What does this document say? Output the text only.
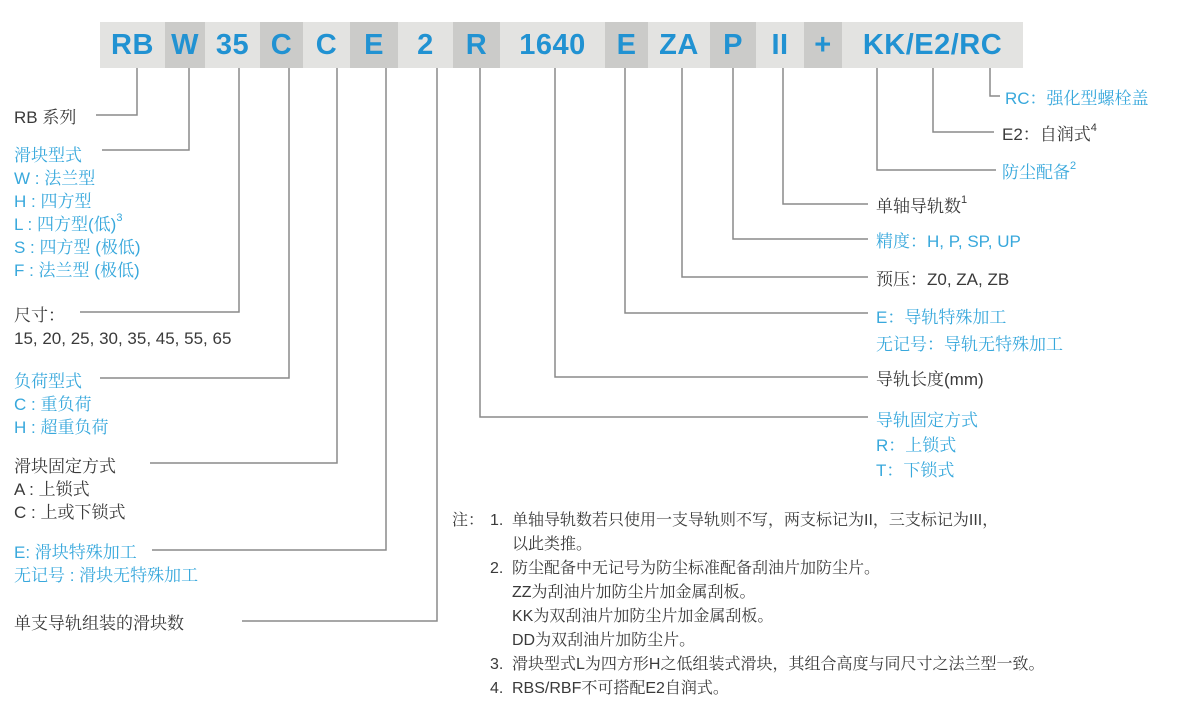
RB W 35 C C E	2	R	1640	E ZA P II +	KK/E2/RC
RB 系列
滑块型式
W : 法兰型
H : 四方型
L : 四方型(低)$^3$
S : 四方型 (极低)
F : 法兰型 (极低)
尺寸：
15, 20, 25, 30, 35, 45, 55, 65
负荷型式
C : 重负荷
H : 超重负荷
滑块固定方式
A : 上锁式
C : 上或下锁式
E: 滑块特殊加工
无记号 : 滑块无特殊加工
单支导轨组装的滑块数
RC：强化型螺栓盖
E2：自润式$^4$
防尘配备$^2$
单轴导轨数$^1$
精度：H, P, SP, UP
预压：Z0, ZA, ZB
E：导轨特殊加工
无记号：导轨无特殊加工
导轨长度(mm)
导轨固定方式
R：上锁式
T：下锁式
注： 1. 单轴导轨数若只使用一支导轨则不写，两支标记为II，三支标记为III，
以此类推。
2. 防尘配备中无记号为防尘标准配备刮油片加防尘片。
ZZ为刮油片加防尘片加金属刮板。
KK为双刮油片加防尘片加金属刮板。
DD为双刮油片加防尘片。
3. 滑块型式L为四方形H之低组装式滑块，其组合高度与同尺寸之法兰型一致。
4. RBS/RBF不可搭配E2自润式。
